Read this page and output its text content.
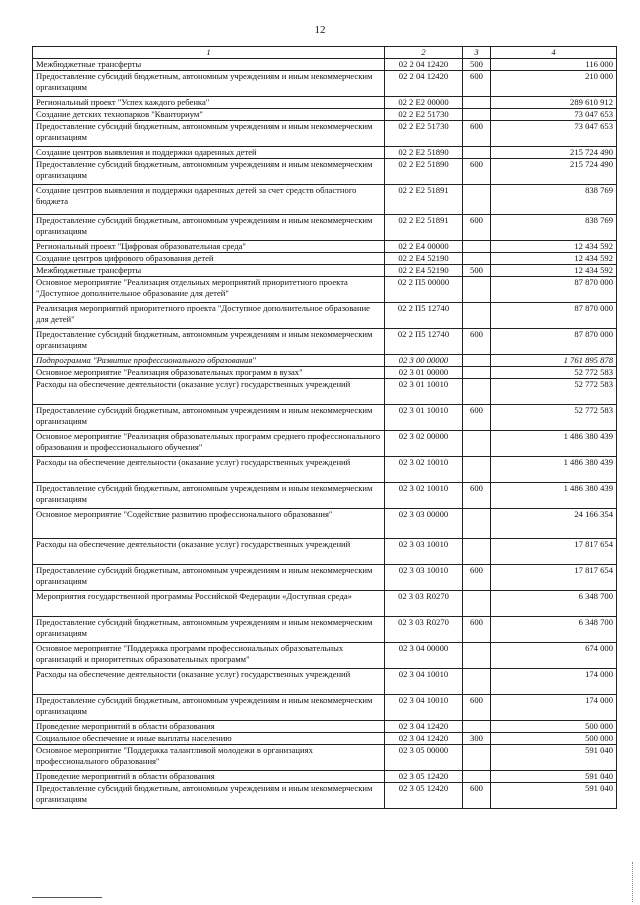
12
1	2	3	4
Межбюджетные трансферты	02 2 04 12420	500	116 000
Предоставление субсидий бюджетным, автономным учреждениям и иным некоммерческим организациям	02 2 04 12420	600	210 000
Региональный проект "Успех каждого ребенка"	02 2 Е2 00000		289 610 912
Создание детских технопарков "Кванториум"	02 2 Е2 51730		73 047 653
Предоставление субсидий бюджетным, автономным учреждениям и иным некоммерческим организациям	02 2 Е2 51730	600	73 047 653
Создание центров выявления и поддержки одаренных детей	02 2 Е2 51890		215 724 490
Предоставление субсидий бюджетным, автономным учреждениям и иным некоммерческим организациям	02 2 Е2 51890	600	215 724 490
Создание центров выявления и поддержки одаренных детей за счет средств областного бюджета	02 2 Е2 51891		838 769
Предоставление субсидий бюджетным, автономным учреждениям и иным некоммерческим организациям	02 2 Е2 51891	600	838 769
Региональный проект "Цифровая образовательная среда"	02 2 Е4 00000		12 434 592
Создание центров цифрового образования детей	02 2 Е4 52190		12 434 592
Межбюджетные трансферты	02 2 Е4 52190	500	12 434 592
Основное мероприятие "Реализация отдельных мероприятий приоритетного проекта "Доступное дополнительное образование для детей"	02 2 П5 00000		87 870 000
Реализация мероприятий приоритетного проекта "Доступное дополнительное образование для детей"	02 2 П5 12740		87 870 000
Предоставление субсидий бюджетным, автономным учреждениям и иным некоммерческим организациям	02 2 П5 12740	600	87 870 000
Подпрограмма "Развитие профессионального образования"	02 3 00 00000		1 761 895 878
Основное мероприятие "Реализация образовательных программ в вузах"	02 3 01 00000		52 772 583
Расходы на обеспечение деятельности (оказание услуг) государственных учреждений	02 3 01 10010		52 772 583
Предоставление субсидий бюджетным, автономным учреждениям и иным некоммерческим организациям	02 3 01 10010	600	52 772 583
Основное мероприятие "Реализация образовательных программ среднего профессионального образования и профессионального обучения"	02 3 02 00000		1 486 380 439
Расходы на обеспечение деятельности (оказание услуг) государственных учреждений	02 3 02 10010		1 486 380 439
Предоставление субсидий бюджетным, автономным учреждениям и иным некоммерческим организациям	02 3 02 10010	600	1 486 380 439
Основное мероприятие "Содействие развитию профессионального образования"	02 3 03 00000		24 166 354
Расходы на обеспечение деятельности (оказание услуг) государственных учреждений	02 3 03 10010		17 817 654
Предоставление субсидий бюджетным, автономным учреждениям и иным некоммерческим организациям	02 3 03 10010	600	17 817 654
Мероприятия государственной программы Российской Федерации «Доступная среда»	02 3 03 R0270		6 348 700
Предоставление субсидий бюджетным, автономным учреждениям и иным некоммерческим организациям	02 3 03 R0270	600	6 348 700
Основное мероприятие "Поддержка программ профессиональных образовательных организаций и приоритетных образовательных программ"	02 3 04 00000		674 000
Расходы на обеспечение деятельности (оказание услуг) государственных учреждений	02 3 04 10010		174 000
Предоставление субсидий бюджетным, автономным учреждениям и иным некоммерческим организациям	02 3 04 10010	600	174 000
Проведение мероприятий в области образования	02 3 04 12420		500 000
Социальное обеспечение и иные выплаты населению	02 3 04 12420	300	500 000
Основное мероприятие "Поддержка талантливой молодежи в организациях профессионального образования"	02 3 05 00000		591 040
Проведение мероприятий в области образования	02 3 05 12420		591 040
Предоставление субсидий бюджетным, автономным учреждениям и иным некоммерческим организациям	02 3 05 12420	600	591 040
